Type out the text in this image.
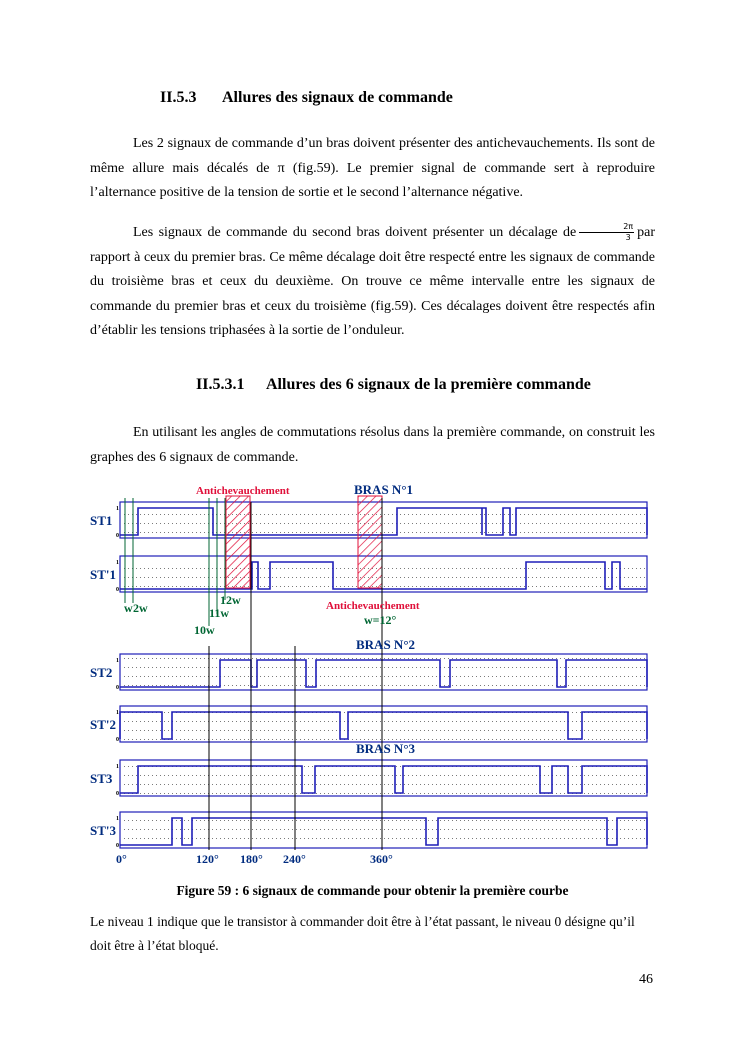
II.5.3 Allures des signaux de commande
Les 2 signaux de commande d’un bras doivent présenter des antichevauchements. Ils sont de même allure mais décalés de π (fig.59). Le premier signal de commande sert à reproduire l’alternance positive de la tension de sortie et le second l’alternance négative.
Les signaux de commande du second bras doivent présenter un décalage de $\frac{2\pi}{3}$ par rapport à ceux du premier bras. Ce même décalage doit être respecté entre les signaux de commande du troisième bras et ceux du deuxième. On trouve ce même intervalle entre les signaux de commande du premier bras et ceux du troisième (fig.59). Ces décalages doivent être respectés afin d’établir les tensions triphasées à la sortie de l’onduleur.
II.5.3.1 Allures des 6 signaux de la première commande
En utilisant les angles de commutations résolus dans la première commande, on construit les graphes des 6 signaux de commande.
ST1
1
0
ST'1
1
0
ST2
1
0
ST'2
1
0
ST3
1
0
ST'3
1
0
Antichevauchement	BRAS N°1
Antichevauchement
w=12°
BRAS N°2
BRAS N°3
w 2w
10w
11w
12w
0°	120° 180° 240°	360°
Figure 59 : 6 signaux de commande pour obtenir la première courbe
Le niveau 1 indique que le transistor à commander doit être à l’état passant, le niveau 0 désigne qu’il doit être à l’état bloqué.
46
